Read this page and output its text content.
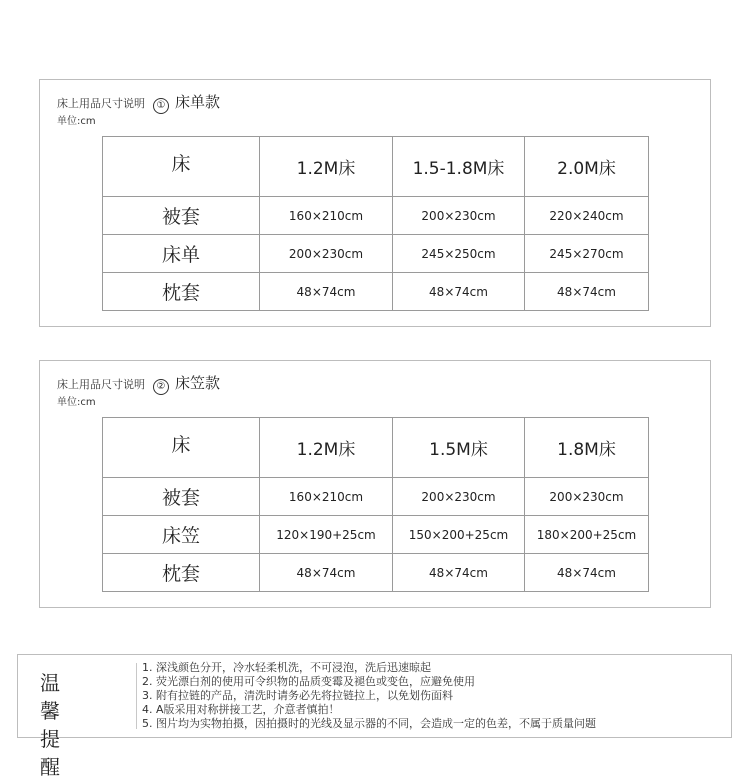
床上用品尺寸说明	① 床单款
单位:cm
床	1.2M床	1.5-1.8M床	2.0M床
被套	160×210cm	200×230cm	220×240cm
床单	200×230cm	245×250cm	245×270cm
枕套	48×74cm	48×74cm	48×74cm
床上用品尺寸说明	② 床笠款
单位:cm
床	1.2M床	1.5M床	1.8M床
被套	160×210cm	200×230cm	200×230cm
床笠	120×190+25cm	150×200+25cm	180×200+25cm
枕套	48×74cm	48×74cm	48×74cm
温 馨
提 醒
1. 深浅颜色分开，冷水轻柔机洗，不可浸泡，洗后迅速晾起
2. 荧光漂白剂的使用可令织物的品质变霉及褪色或变色，应避免使用
3. 附有拉链的产品，清洗时请务必先将拉链拉上，以免划伤面料
4. A版采用对称拼接工艺，介意者慎拍！
5. 图片均为实物拍摄，因拍摄时的光线及显示器的不同，会造成一定的色差，不属于质量问题
